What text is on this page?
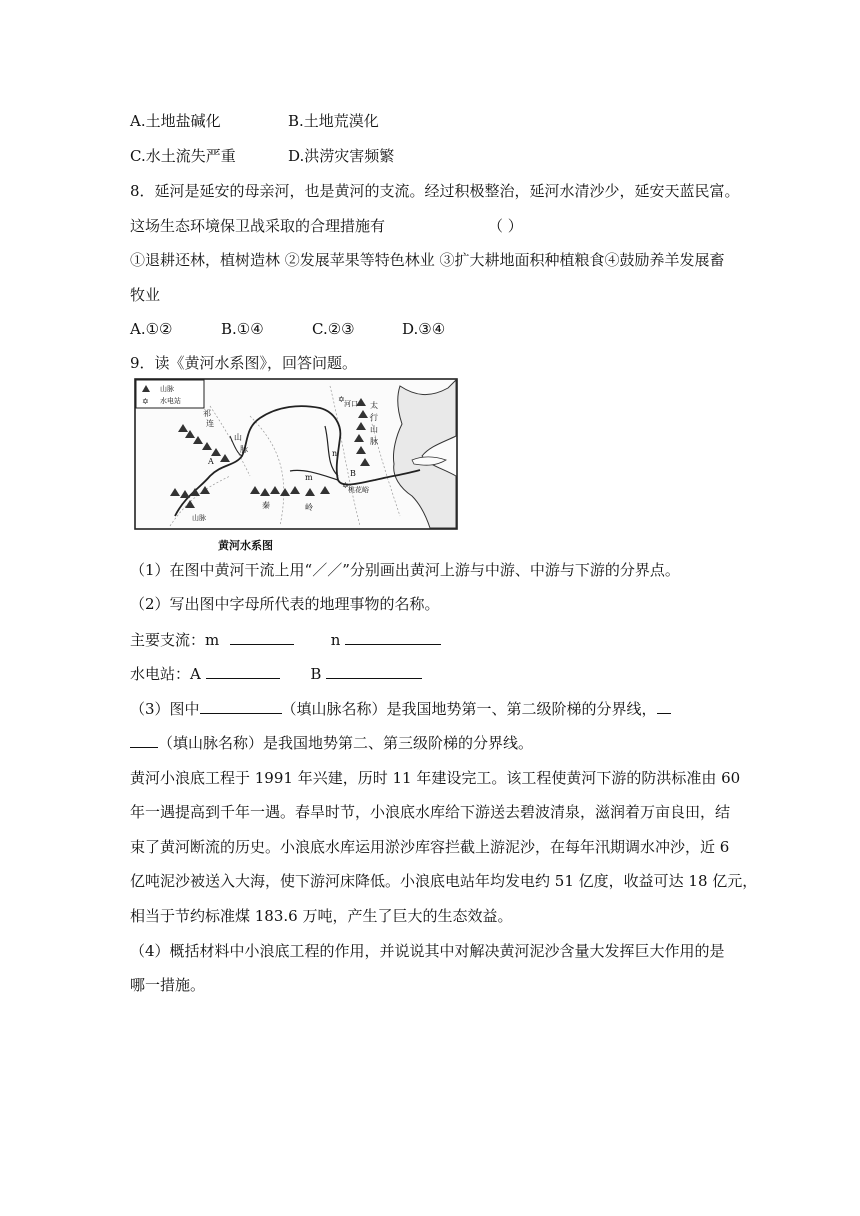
A.土地盐碱化	B.土地荒漠化
C.水土流失严重	D.洪涝灾害频繁
8．延河是延安的母亲河，也是黄河的支流。经过积极整治，延河水清沙少，延安天蓝民富。
这场生态环境保卫战采取的合理措施有	（ ）
①退耕还林，植树造林 ②发展苹果等特色林业 ③扩大耕地面积种植粮食④鼓励养羊发展畜
牧业
A.①②	B.①④	C.②③	D.③④
9．读《黄河水系图》，回答问题。
山脉
✡ 水电站
祁
连
山
脉
河口 太
行
山
脉
A
B
n
m
桃花峪
秦	岭
山脉
✡
✡
黄河水系图
（1）在图中黄河干流上用“／／”分别画出黄河上游与中游、中游与下游的分界点。
（2）写出图中字母所代表的地理事物的名称。
主要支流：m	n
水电站：A	B
（3）图中	（填山脉名称）是我国地势第一、第二级阶梯的分界线，
（填山脉名称）是我国地势第二、第三级阶梯的分界线。
黄河小浪底工程于 1991 年兴建，历时 11 年建设完工。该工程使黄河下游的防洪标准由 60
年一遇提高到千年一遇。春旱时节，小浪底水库给下游送去碧波清泉，滋润着万亩良田，结
束了黄河断流的历史。小浪底水库运用淤沙库容拦截上游泥沙，在每年汛期调水冲沙，近 6
亿吨泥沙被送入大海，使下游河床降低。小浪底电站年均发电约 51 亿度，收益可达 18 亿元，
相当于节约标准煤 183.6 万吨，产生了巨大的生态效益。
（4）概括材料中小浪底工程的作用，并说说其中对解决黄河泥沙含量大发挥巨大作用的是
哪一措施。
